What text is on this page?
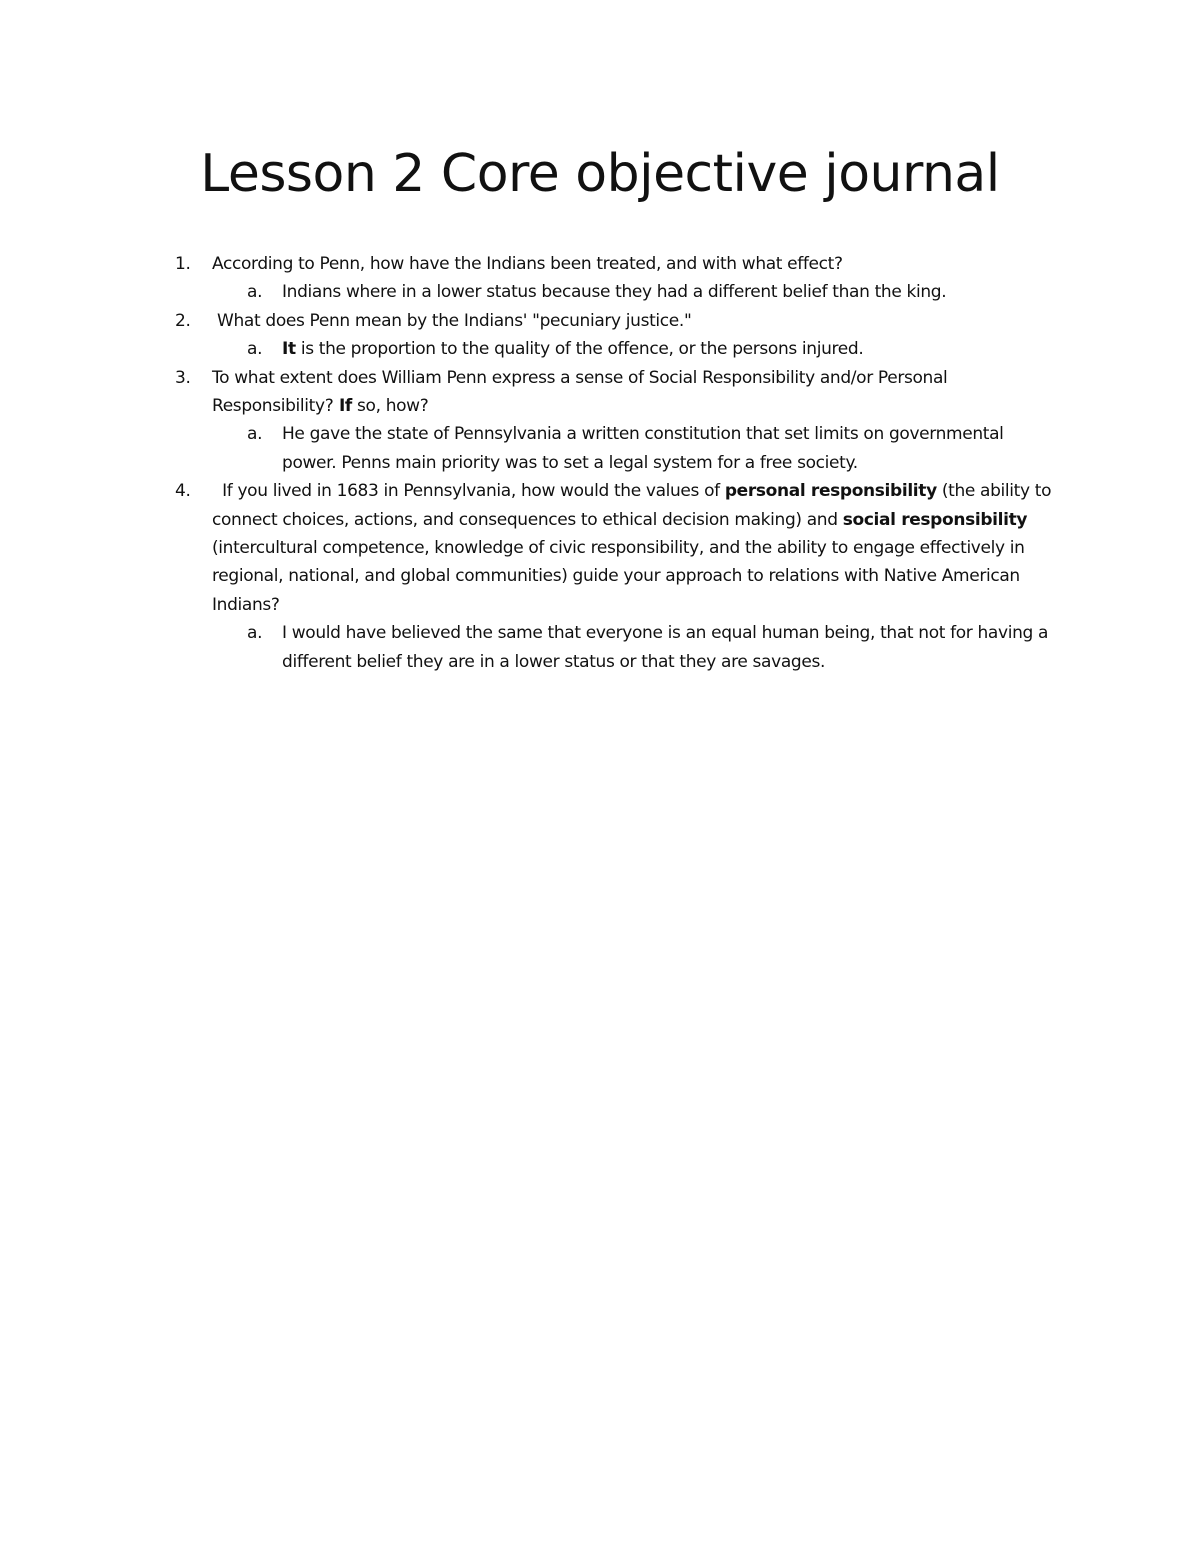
Lesson 2 Core objective journal
1. According to Penn, how have the Indians been treated, and with what effect?
a. Indians where in a lower status because they had a different belief than the king.
2. What does Penn mean by the Indians' "pecuniary justice."
a. It is the proportion to the quality of the offence, or the persons injured.
3. To what extent does William Penn express a sense of Social Responsibility and/or Personal Responsibility? If so, how?
a. He gave the state of Pennsylvania a written constitution that set limits on governmental power. Penns main priority was to set a legal system for a free society.
4. If you lived in 1683 in Pennsylvania, how would the values of personal responsibility (the ability to connect choices, actions, and consequences to ethical decision making) and social responsibility (intercultural competence, knowledge of civic responsibility, and the ability to engage effectively in regional, national, and global communities) guide your approach to relations with Native American Indians?
a. I would have believed the same that everyone is an equal human being, that not for having a different belief they are in a lower status or that they are savages.
